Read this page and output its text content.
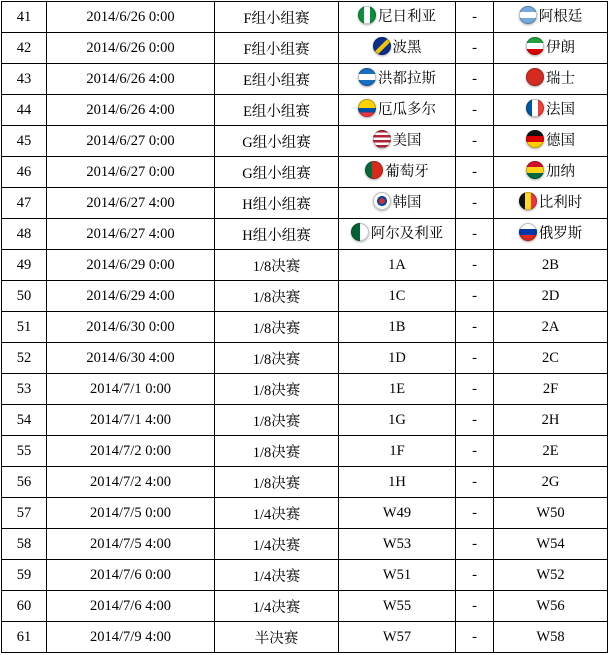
41	2014/6/26 0:00	F组小组赛	尼日利亚	-	阿根廷

42	2014/6/26 0:00	F组小组赛	波黑	-	伊朗

43	2014/6/26 4:00	E组小组赛	洪都拉斯	-	瑞士

44	2014/6/26 4:00	E组小组赛	厄瓜多尔	-	法国

45	2014/6/27 0:00	G组小组赛	美国	-	德国

46	2014/6/27 0:00	G组小组赛	葡萄牙	-	加纳

47	2014/6/27 4:00	H组小组赛	韩国	-	比利时

48	2014/6/27 4:00	H组小组赛	阿尔及利亚	-	俄罗斯

49	2014/6/29 0:00	1/8决赛	1A	-	2B
50	2014/6/29 4:00	1/8决赛	1C	-	2D
51	2014/6/30 0:00	1/8决赛	1B	-	2A
52	2014/6/30 4:00	1/8决赛	1D	-	2C
53	2014/7/1 0:00	1/8决赛	1E	-	2F
54	2014/7/1 4:00	1/8决赛	1G	-	2H
55	2014/7/2 0:00	1/8决赛	1F	-	2E
56	2014/7/2 4:00	1/8决赛	1H	-	2G
57	2014/7/5 0:00	1/4决赛	W49	-	W50
58	2014/7/5 4:00	1/4决赛	W53	-	W54
59	2014/7/6 0:00	1/4决赛	W51	-	W52
60	2014/7/6 4:00	1/4决赛	W55	-	W56
61	2014/7/9 4:00	半决赛	W57	-	W58
